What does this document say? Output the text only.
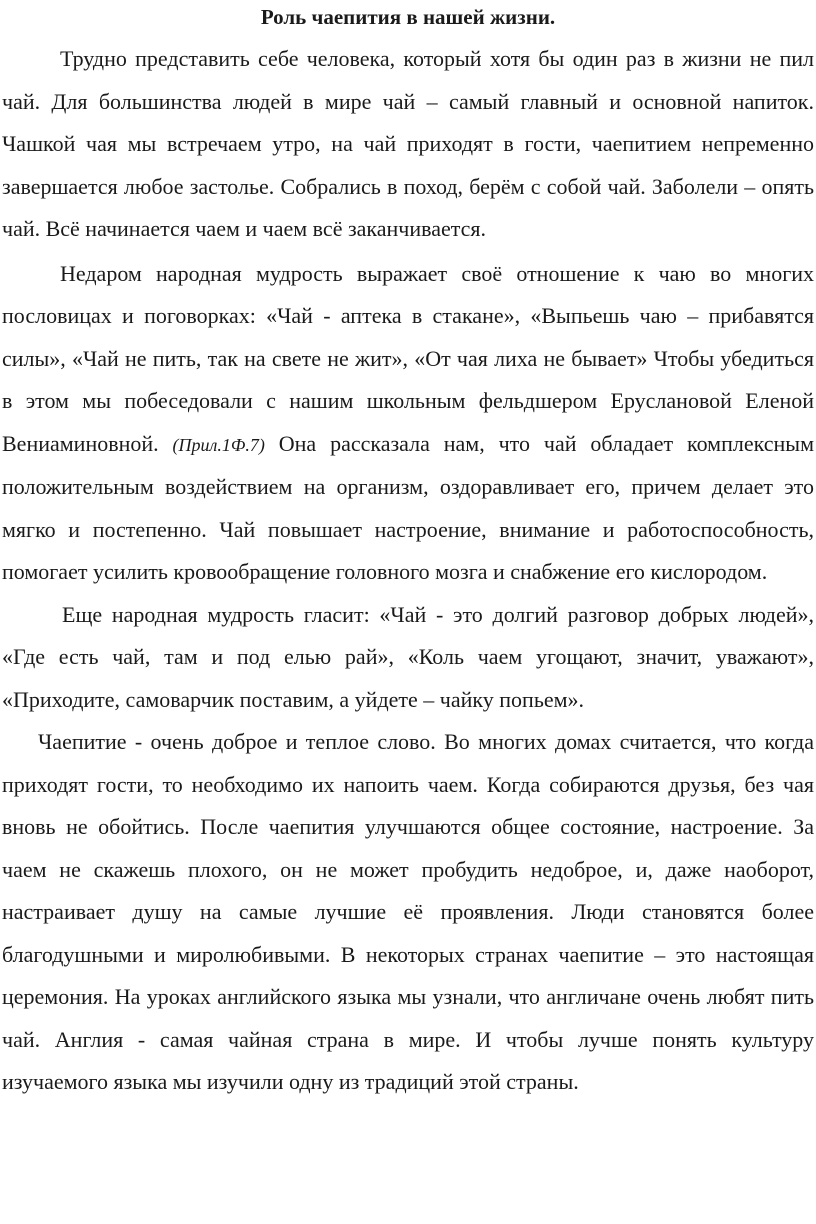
Роль чаепития в нашей жизни.

Трудно представить себе человека, который хотя бы один раз в жизни не пил чай. Для большинства людей в мире чай – самый главный и основной напиток. Чашкой чая мы встречаем утро, на чай приходят в гости, чаепитием непременно завершается любое застолье. Собрались в поход, берём с собой чай. Заболели – опять чай. Всё начинается чаем и чаем всё заканчивается.

Недаром народная мудрость выражает своё отношение к чаю во многих пословицах и поговорках: «Чай - аптека в стакане», «Выпьешь чаю – прибавятся силы», «Чай не пить, так на свете не жит», «От чая лиха не бывает» Чтобы убедиться в этом мы побеседовали с нашим школьным фельдшером Еруслановой Еленой Вениаминовной. (Прил.1Ф.7) Она рассказала нам, что чай обладает комплексным положительным воздействием на организм, оздоравливает его, причем делает это мягко и постепенно. Чай повышает настроение, внимание и работоспособность, помогает усилить кровообращение головного мозга и снабжение его кислородом.

Еще народная мудрость гласит: «Чай - это долгий разговор добрых людей», «Где есть чай, там и под елью рай», «Коль чаем угощают, значит, уважают», «Приходите, самоварчик поставим, а уйдете – чайку попьем».

Чаепитие - очень доброе и теплое слово. Во многих домах считается, что когда приходят гости, то необходимо их напоить чаем. Когда собираются друзья, без чая вновь не обойтись. После чаепития улучшаются общее состояние, настроение. За чаем не скажешь плохого, он не может пробудить недоброе, и, даже наоборот, настраивает душу на самые лучшие её проявления. Люди становятся более благодушными и миролюбивыми. В некоторых странах чаепитие – это настоящая церемония. На уроках английского языка мы узнали, что англичане очень любят пить чай. Англия - самая чайная страна в мире. И чтобы лучше понять культуру изучаемого языка мы изучили одну из традиций этой страны.
